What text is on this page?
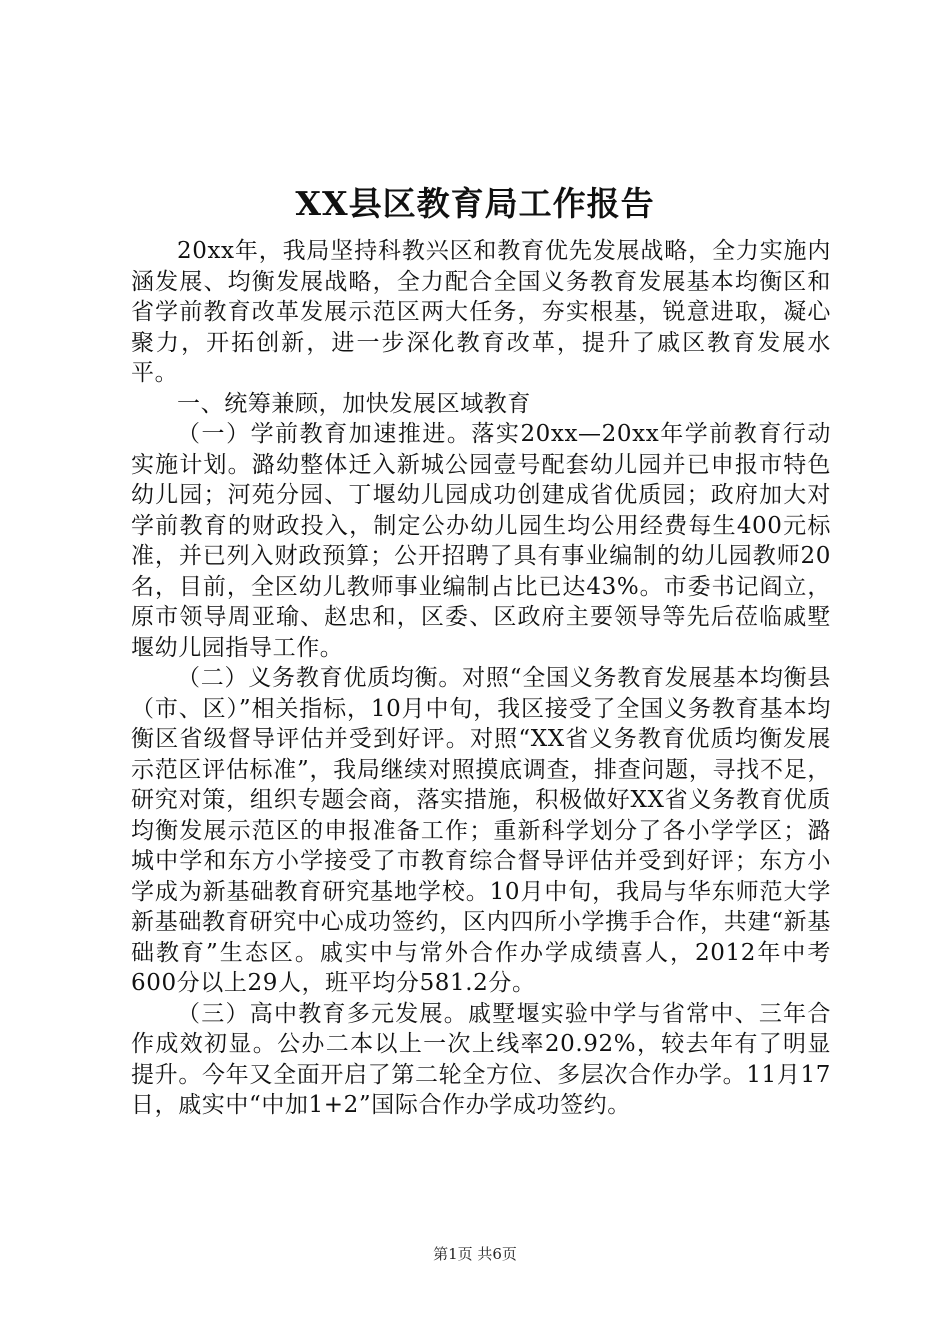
XX县区教育局工作报告

20xx年，我局坚持科教兴区和教育优先发展战略，全力实施内涵发展、均衡发展战略，全力配合全国义务教育发展基本均衡区和省学前教育改革发展示范区两大任务，夯实根基，锐意进取，凝心聚力，开拓创新，进一步深化教育改革，提升了戚区教育发展水平。

一、统筹兼顾，加快发展区域教育

（一）学前教育加速推进。落实20xx—20xx年学前教育行动实施计划。潞幼整体迁入新城公园壹号配套幼儿园并已申报市特色幼儿园；河苑分园、丁堰幼儿园成功创建成省优质园；政府加大对学前教育的财政投入，制定公办幼儿园生均公用经费每生400元标准，并已列入财政预算；公开招聘了具有事业编制的幼儿园教师20名，目前，全区幼儿教师事业编制占比已达43%。市委书记阎立，原市领导周亚瑜、赵忠和，区委、区政府主要领导等先后莅临戚墅堰幼儿园指导工作。

（二）义务教育优质均衡。对照“全国义务教育发展基本均衡县（市、区）”相关指标，10月中旬，我区接受了全国义务教育基本均衡区省级督导评估并受到好评。对照“XX省义务教育优质均衡发展示范区评估标准”，我局继续对照摸底调查，排查问题，寻找不足，研究对策，组织专题会商，落实措施，积极做好XX省义务教育优质均衡发展示范区的申报准备工作；重新科学划分了各小学学区；潞城中学和东方小学接受了市教育综合督导评估并受到好评；东方小学成为新基础教育研究基地学校。10月中旬，我局与华东师范大学新基础教育研究中心成功签约，区内四所小学携手合作，共建“新基础教育”生态区。戚实中与常外合作办学成绩喜人，2012年中考600分以上29人，班平均分581.2分。

（三）高中教育多元发展。戚墅堰实验中学与省常中、三年合作成效初显。公办二本以上一次上线率20.92%，较去年有了明显提升。今年又全面开启了第二轮全方位、多层次合作办学。11月17日，戚实中“中加1+2”国际合作办学成功签约。

第1页 共6页
